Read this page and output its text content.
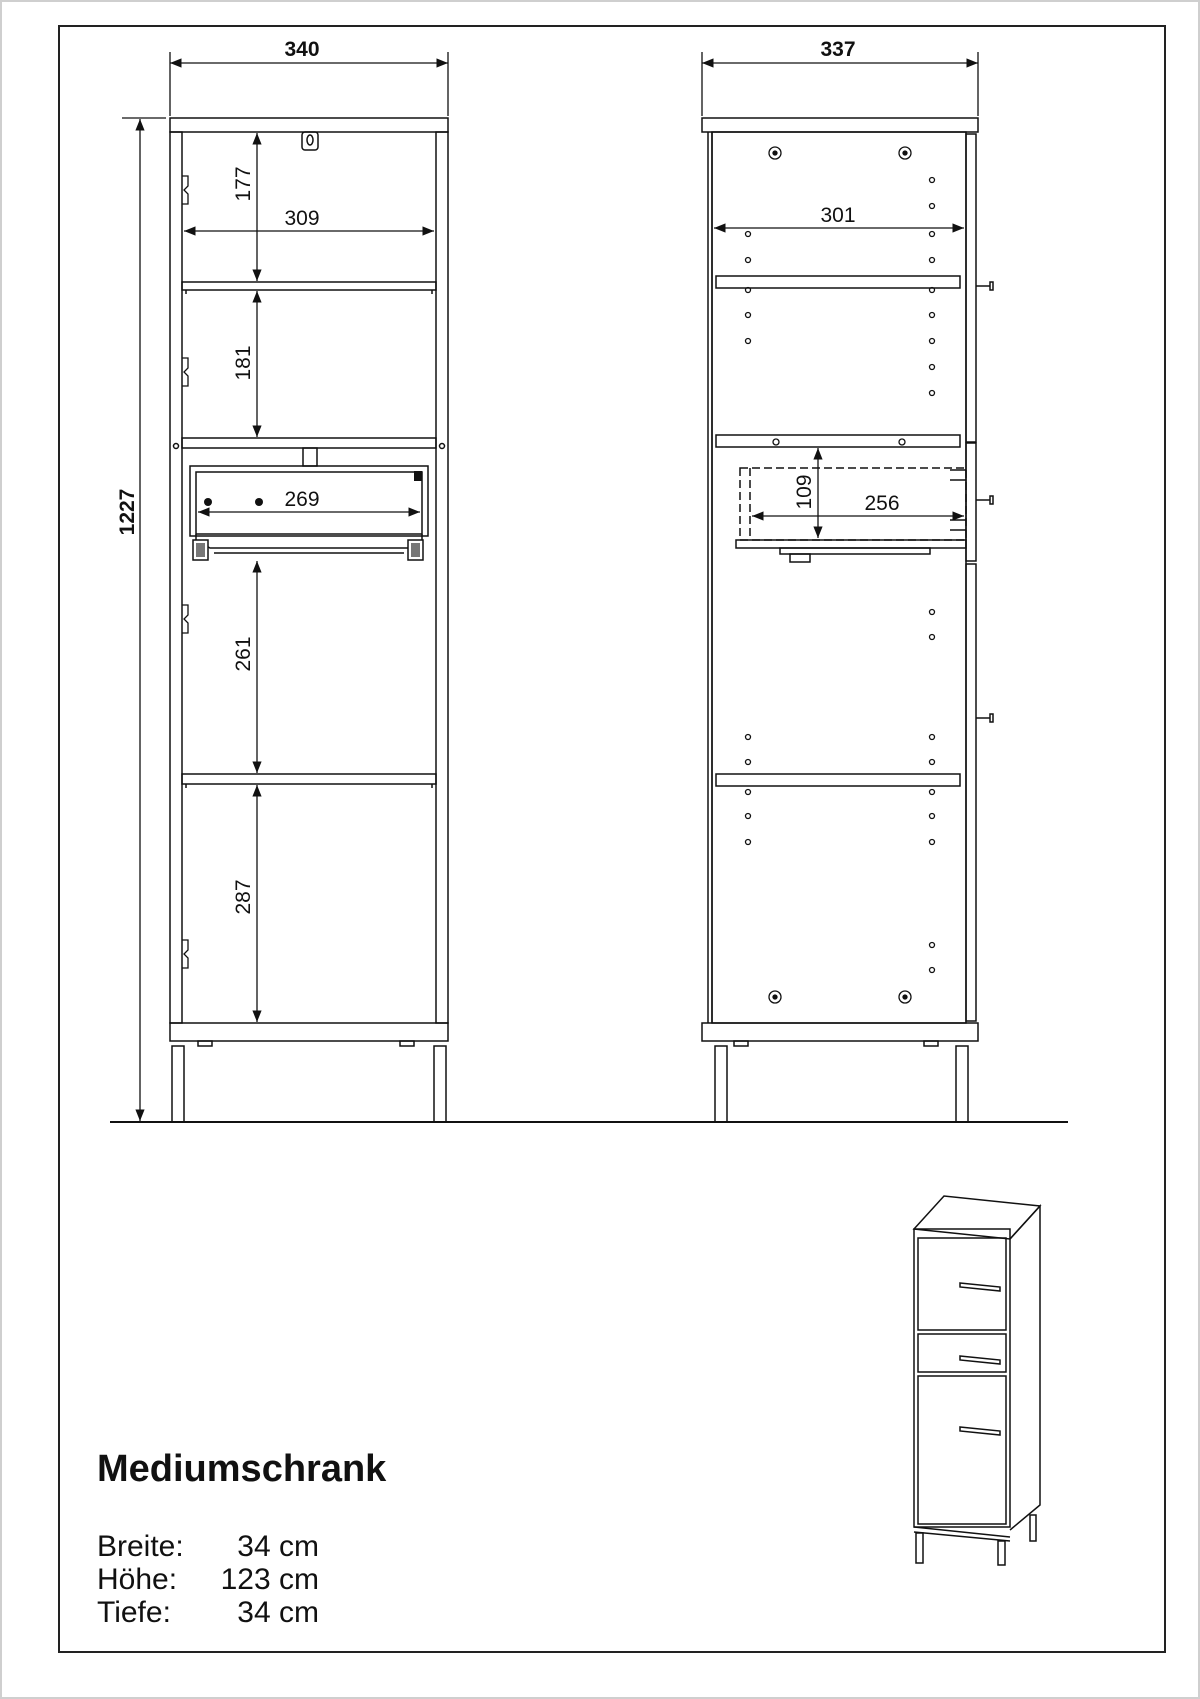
340
309
269
1227
177
181
261
287
337
301
256
109
Mediumschrank
Breite:	34 cm
Höhe:	123 cm
Tiefe:	34 cm
